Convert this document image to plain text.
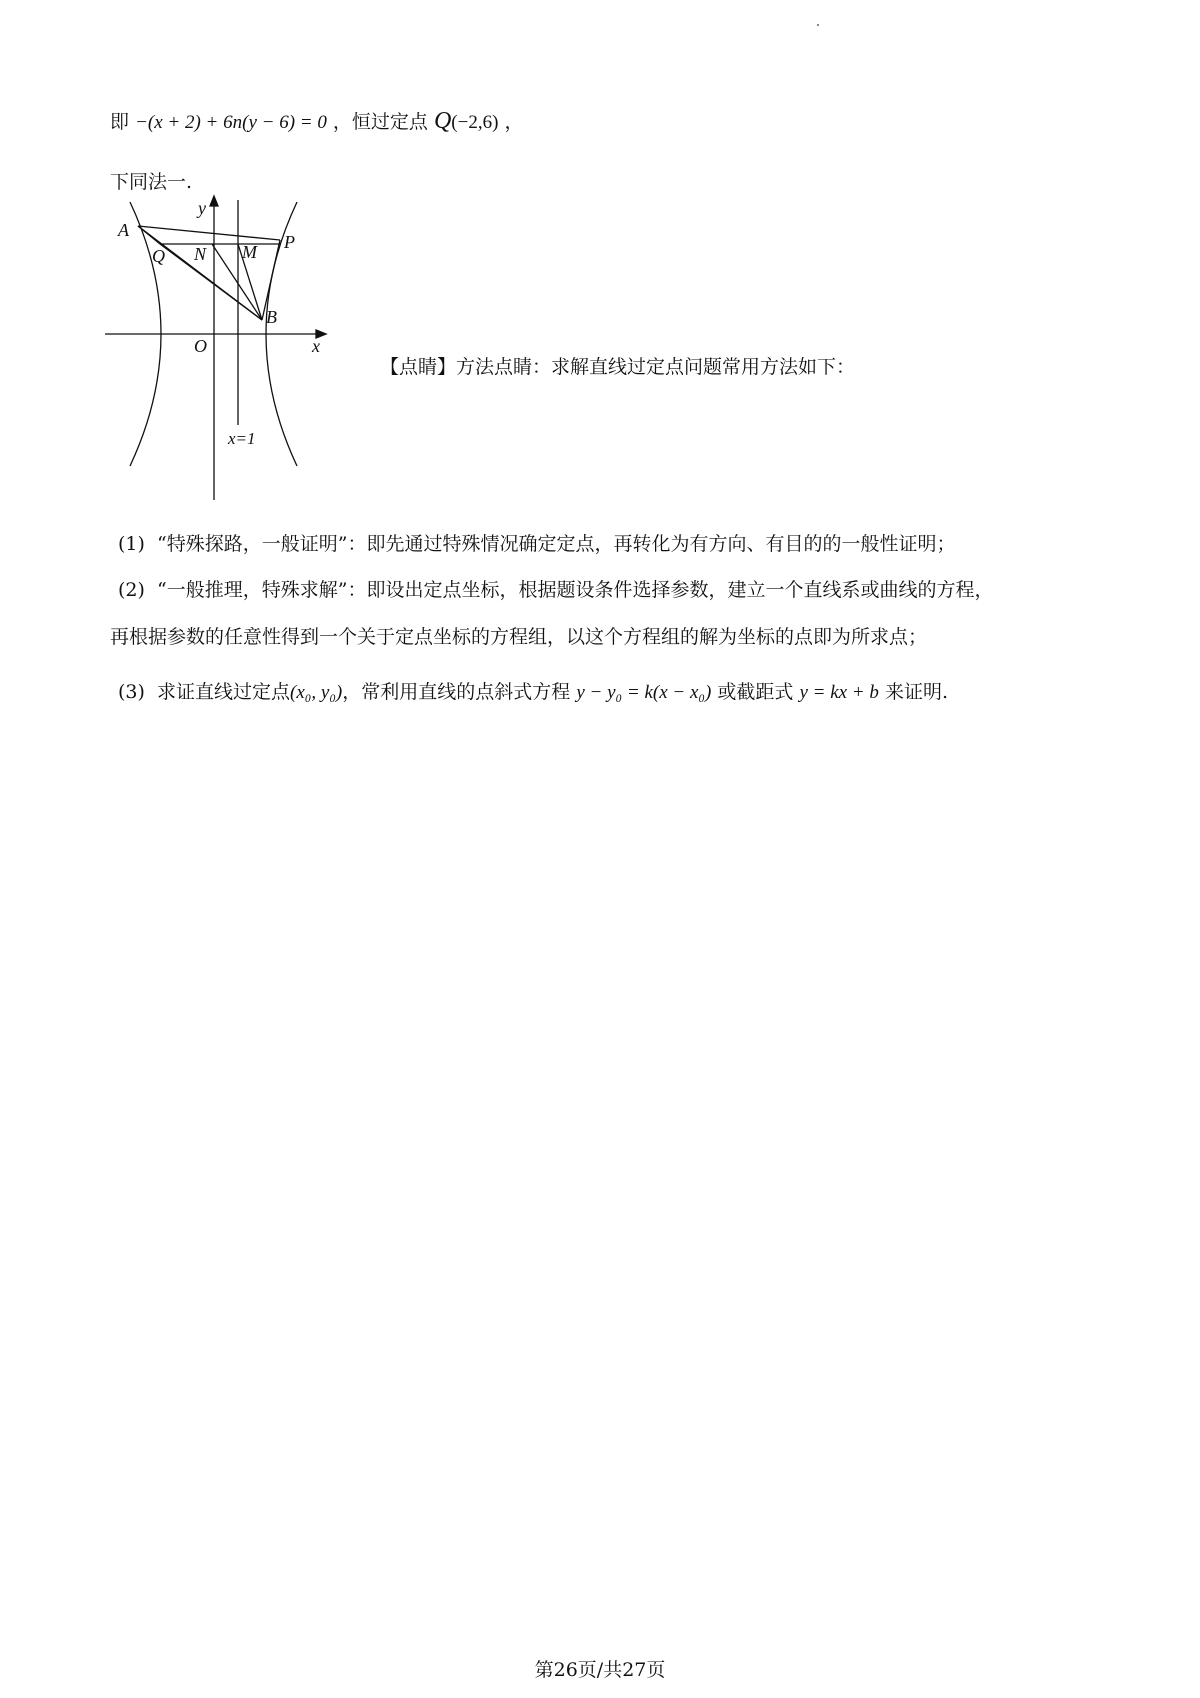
即 −(x + 2) + 6n(y − 6) = 0 ，恒过定点 Q(−2,6) ，
下同法一.
A
P
Q N M
B
O	x
y
x=1
【点睛】方法点睛：求解直线过定点问题常用方法如下：
(1) “特殊探路，一般证明”：即先通过特殊情况确定定点，再转化为有方向、有目的的一般性证明；
(2) “一般推理，特殊求解”：即设出定点坐标，根据题设条件选择参数，建立一个直线系或曲线的方程，
再根据参数的任意性得到一个关于定点坐标的方程组，以这个方程组的解为坐标的点即为所求点；
(3) 求证直线过定点(x₀, y₀)，常利用直线的点斜式方程 y − y₀ = k(x − x₀) 或截距式 y = kx + b 来证明.
第26页/共27页
